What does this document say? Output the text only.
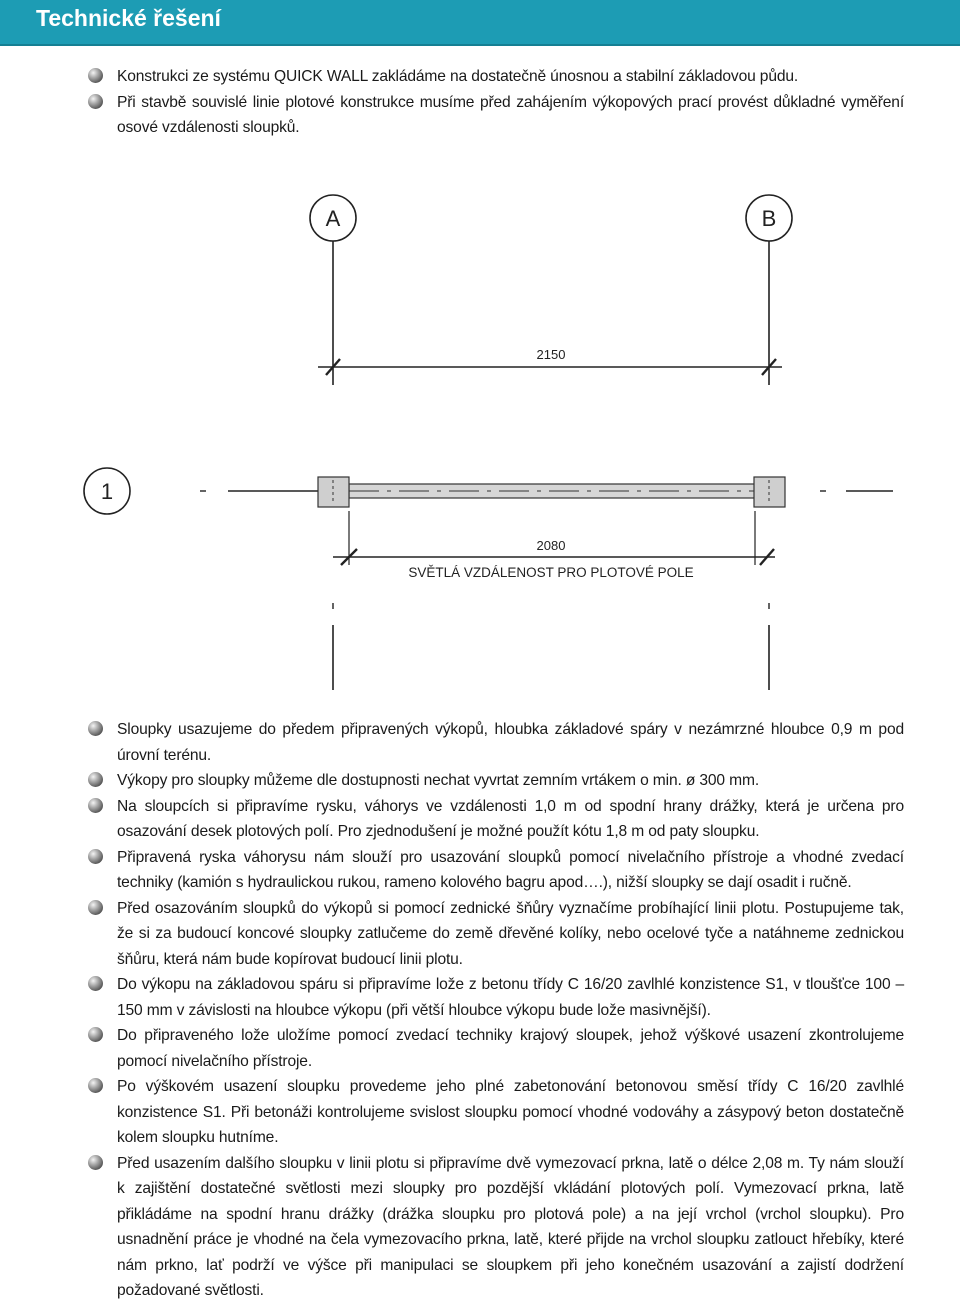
Technické řešení
Konstrukci ze systému QUICK WALL zakládáme na dostatečně únosnou a stabilní základovou půdu.
Při stavbě souvislé linie plotové konstrukce musíme před zahájením výkopových prací provést důkladné vyměření osové vzdálenosti sloupků.
A	B
2150
1
2080
SVĚTLÁ VZDÁLENOST PRO PLOTOVÉ POLE
Sloupky usazujeme do předem připravených výkopů, hloubka základové spáry v nezámrzné hloubce 0,9 m pod úrovní terénu.
Výkopy pro sloupky můžeme dle dostupnosti nechat vyvrtat zemním vrtákem o min. ø 300 mm.
Na sloupcích si připravíme rysku, váhorys ve vzdálenosti 1,0 m od spodní hrany drážky, která je určena pro osazování desek plotových polí. Pro zjednodušení je možné použít kótu 1,8 m od paty sloupku.
Připravená ryska váhorysu nám slouží pro usazování sloupků pomocí nivelačního přístroje a vhodné zvedací techniky (kamión s hydraulickou rukou, rameno kolového bagru apod….), nižší sloupky se dají osadit i ručně.
Před osazováním sloupků do výkopů si pomocí zednické šňůry vyznačíme probíhající linii plotu. Postupujeme tak, že si za budoucí koncové sloupky zatlučeme do země dřevěné kolíky, nebo ocelové tyče a natáhneme zednickou šňůru, která nám bude kopírovat budoucí linii plotu.
Do výkopu na základovou spáru si připravíme lože z betonu třídy C 16/20 zavlhlé konzistence S1, v tloušťce 100 – 150 mm v závislosti na hloubce výkopu (při větší hloubce výkopu bude lože masivnější).
Do připraveného lože uložíme pomocí zvedací techniky krajový sloupek, jehož výškové usazení zkontrolujeme pomocí nivelačního přístroje.
Po výškovém usazení sloupku provedeme jeho plné zabetonování betonovou směsí třídy C 16/20 zavlhlé konzistence S1. Při betonáži kontrolujeme svislost sloupku pomocí vhodné vodováhy a zásypový beton dostatečně kolem sloupku hutníme.
Před usazením dalšího sloupku v linii plotu si připravíme dvě vymezovací prkna, latě o délce 2,08 m. Ty nám slouží k zajištění dostatečné světlosti mezi sloupky pro pozdější vkládání plotových polí. Vymezovací prkna, latě přikládáme na spodní hranu drážky (drážka sloupku pro plotová pole) a na její vrchol (vrchol sloupku). Pro usnadnění práce je vhodné na čela vymezovacího prkna, latě, které přijde na vrchol sloupku zatlouct hřebíky, které nám prkno, lať podrží ve výšce při manipulaci se sloupkem při jeho konečném usazování a zajistí dodržení požadované světlosti.
